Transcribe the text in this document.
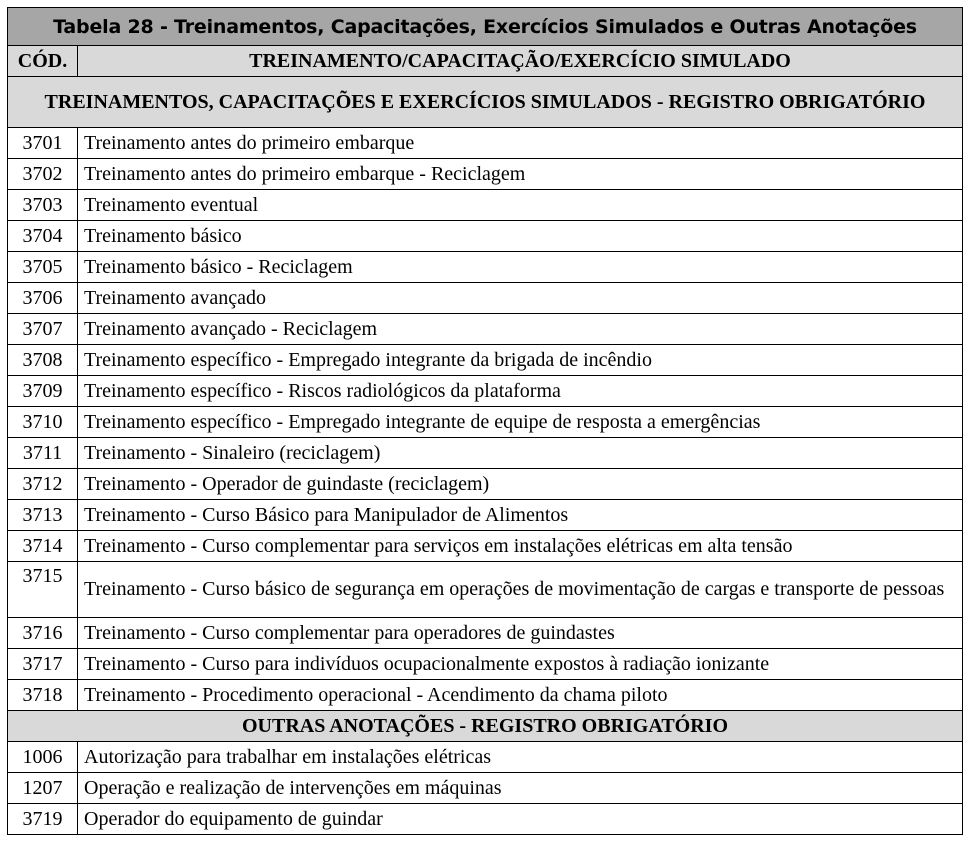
Tabela 28 - Treinamentos, Capacitações, Exercícios Simulados e Outras Anotações	
CÓD.	TREINAMENTO/CAPACITAÇÃO/EXERCÍCIO SIMULADO
TREINAMENTOS, CAPACITAÇÕES E EXERCÍCIOS SIMULADOS - REGISTRO OBRIGATÓRIO	
3701	Treinamento antes do primeiro embarque
3702	Treinamento antes do primeiro embarque - Reciclagem
3703	Treinamento eventual
3704	Treinamento básico
3705	Treinamento básico - Reciclagem
3706	Treinamento avançado
3707	Treinamento avançado - Reciclagem
3708	Treinamento específico - Empregado integrante da brigada de incêndio
3709	Treinamento específico - Riscos radiológicos da plataforma
3710	Treinamento específico - Empregado integrante de equipe de resposta a emergências
3711	Treinamento - Sinaleiro (reciclagem)
3712	Treinamento - Operador de guindaste (reciclagem)
3713	Treinamento - Curso Básico para Manipulador de Alimentos
3714	Treinamento - Curso complementar para serviços em instalações elétricas em alta tensão
3715	Treinamento - Curso básico de segurança em operações de movimentação de cargas e transporte de pessoas
3716	Treinamento - Curso complementar para operadores de guindastes
3717	Treinamento - Curso para indivíduos ocupacionalmente expostos à radiação ionizante
3718	Treinamento - Procedimento operacional - Acendimento da chama piloto
OUTRAS ANOTAÇÕES - REGISTRO OBRIGATÓRIO	
1006	Autorização para trabalhar em instalações elétricas
1207	Operação e realização de intervenções em máquinas
3719	Operador do equipamento de guindar
